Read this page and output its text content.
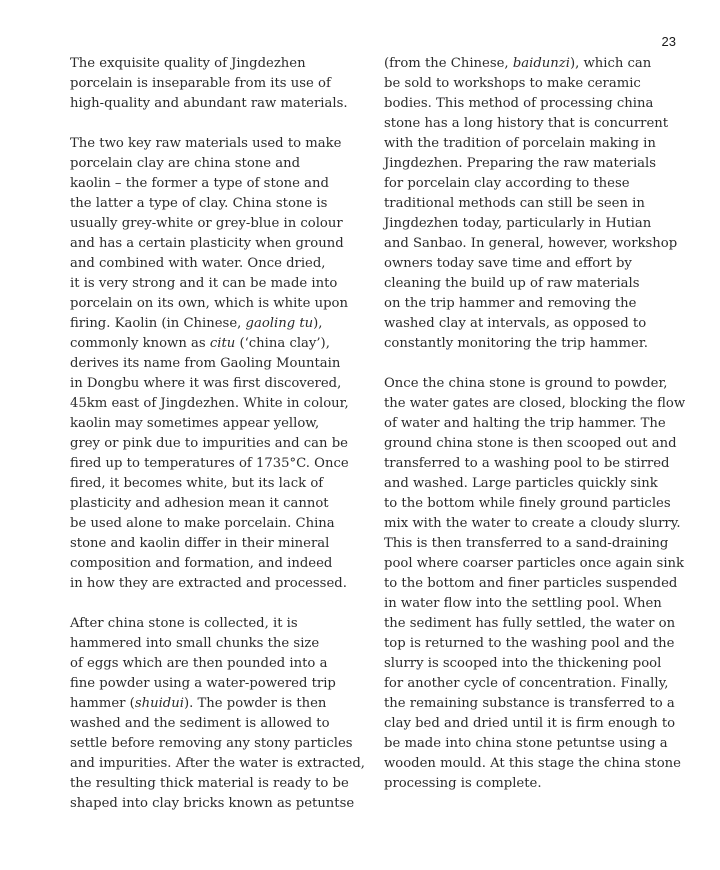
23

The exquisite quality of Jingdezhen
porcelain is inseparable from its use of
high-quality and abundant raw materials.

The two key raw materials used to make
porcelain clay are china stone and
kaolin – the former a type of stone and
the latter a type of clay. China stone is
usually grey-white or grey-blue in colour
and has a certain plasticity when ground
and combined with water. Once dried,
it is very strong and it can be made into
porcelain on its own, which is white upon
firing. Kaolin (in Chinese, gaoling tu),
commonly known as citu (‘china clay’),
derives its name from Gaoling Mountain
in Dongbu where it was first discovered,
45km east of Jingdezhen. White in colour,
kaolin may sometimes appear yellow,
grey or pink due to impurities and can be
fired up to temperatures of 1735°C. Once
fired, it becomes white, but its lack of
plasticity and adhesion mean it cannot
be used alone to make porcelain. China
stone and kaolin differ in their mineral
composition and formation, and indeed
in how they are extracted and processed.

After china stone is collected, it is
hammered into small chunks the size
of eggs which are then pounded into a
fine powder using a water-powered trip
hammer (shuidui). The powder is then
washed and the sediment is allowed to
settle before removing any stony particles
and impurities. After the water is extracted,
the resulting thick material is ready to be
shaped into clay bricks known as petuntse

(from the Chinese, baidunzi), which can
be sold to workshops to make ceramic
bodies. This method of processing china
stone has a long history that is concurrent
with the tradition of porcelain making in
Jingdezhen. Preparing the raw materials
for porcelain clay according to these
traditional methods can still be seen in
Jingdezhen today, particularly in Hutian
and Sanbao. In general, however, workshop
owners today save time and effort by
cleaning the build up of raw materials
on the trip hammer and removing the
washed clay at intervals, as opposed to
constantly monitoring the trip hammer.

Once the china stone is ground to powder,
the water gates are closed, blocking the flow
of water and halting the trip hammer. The
ground china stone is then scooped out and
transferred to a washing pool to be stirred
and washed. Large particles quickly sink
to the bottom while finely ground particles
mix with the water to create a cloudy slurry.
This is then transferred to a sand-draining
pool where coarser particles once again sink
to the bottom and finer particles suspended
in water flow into the settling pool. When
the sediment has fully settled, the water on
top is returned to the washing pool and the
slurry is scooped into the thickening pool
for another cycle of concentration. Finally,
the remaining substance is transferred to a
clay bed and dried until it is firm enough to
be made into china stone petuntse using a
wooden mould. At this stage the china stone
processing is complete.
